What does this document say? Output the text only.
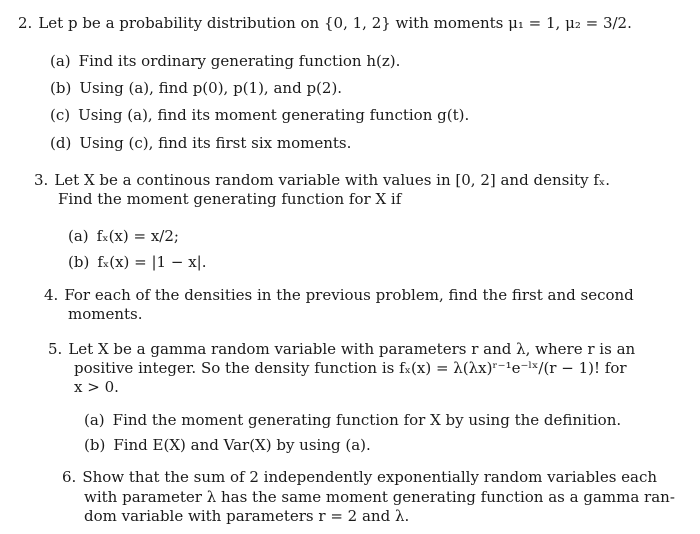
2. Let p be a probability distribution on {0, 1, 2} with moments μ₁ = 1, μ₂ = 3/2.
(a) Find its ordinary generating function h(z).
(b) Using (a), find p(0), p(1), and p(2).
(c) Using (a), find its moment generating function g(t).
(d) Using (c), find its first six moments.
3. Let X be a continous random variable with values in [0, 2] and density fₓ.
Find the moment generating function for X if
(a) fₓ(x) = x/2;
(b) fₓ(x) = |1 − x|.
4. For each of the densities in the previous problem, find the first and second
moments.
5. Let X be a gamma random variable with parameters r and λ, where r is an
positive integer. So the density function is fₓ(x) = λ(λx)ʳ⁻¹e⁻ˡˣ/(r − 1)! for
x > 0.
(a) Find the moment generating function for X by using the definition.
(b) Find E(X) and Var(X) by using (a).
6. Show that the sum of 2 independently exponentially random variables each
with parameter λ has the same moment generating function as a gamma ran-
dom variable with parameters r = 2 and λ.
